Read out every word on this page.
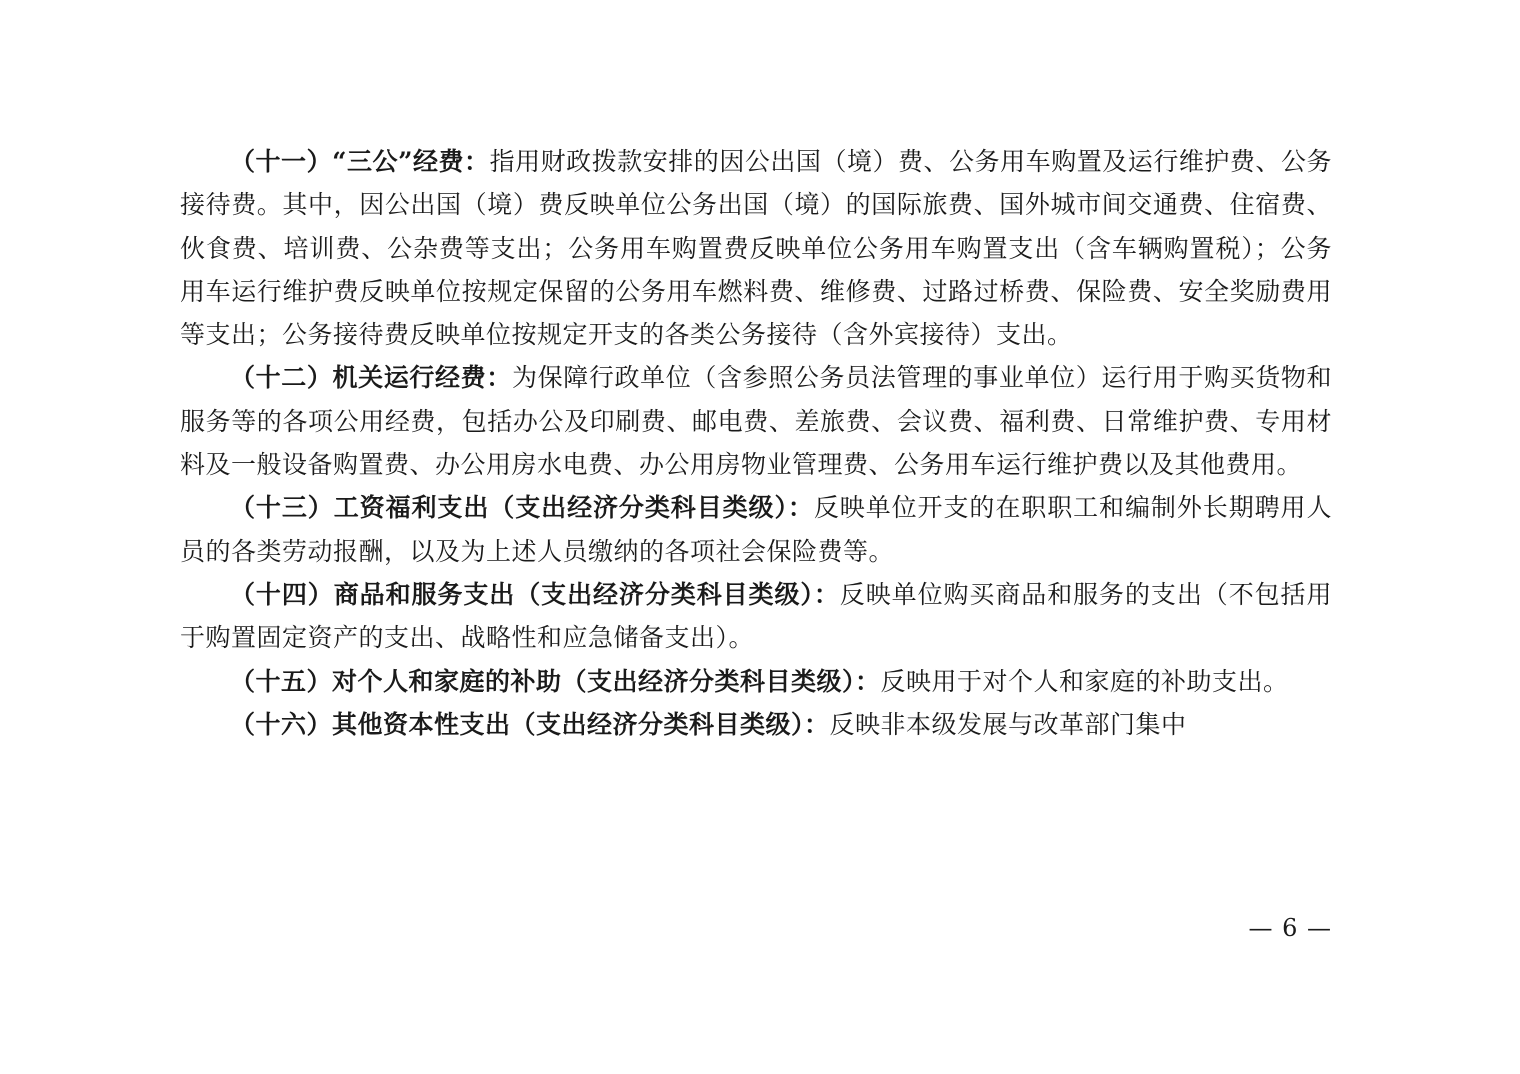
（十一）“三公”经费：指用财政拨款安排的因公出国（境）费、公务用车购置及运行维护费、公务接待费。其中，因公出国（境）费反映单位公务出国（境）的国际旅费、国外城市间交通费、住宿费、伙食费、培训费、公杂费等支出；公务用车购置费反映单位公务用车购置支出（含车辆购置税）；公务用车运行维护费反映单位按规定保留的公务用车燃料费、维修费、过路过桥费、保险费、安全奖励费用等支出；公务接待费反映单位按规定开支的各类公务接待（含外宾接待）支出。

（十二）机关运行经费：为保障行政单位（含参照公务员法管理的事业单位）运行用于购买货物和服务等的各项公用经费，包括办公及印刷费、邮电费、差旅费、会议费、福利费、日常维护费、专用材料及一般设备购置费、办公用房水电费、办公用房物业管理费、公务用车运行维护费以及其他费用。

（十三）工资福利支出（支出经济分类科目类级）：反映单位开支的在职职工和编制外长期聘用人员的各类劳动报酬，以及为上述人员缴纳的各项社会保险费等。

（十四）商品和服务支出（支出经济分类科目类级）：反映单位购买商品和服务的支出（不包括用于购置固定资产的支出、战略性和应急储备支出）。

（十五）对个人和家庭的补助（支出经济分类科目类级）：反映用于对个人和家庭的补助支出。

（十六）其他资本性支出（支出经济分类科目类级）：反映非本级发展与改革部门集中

— 6 —
